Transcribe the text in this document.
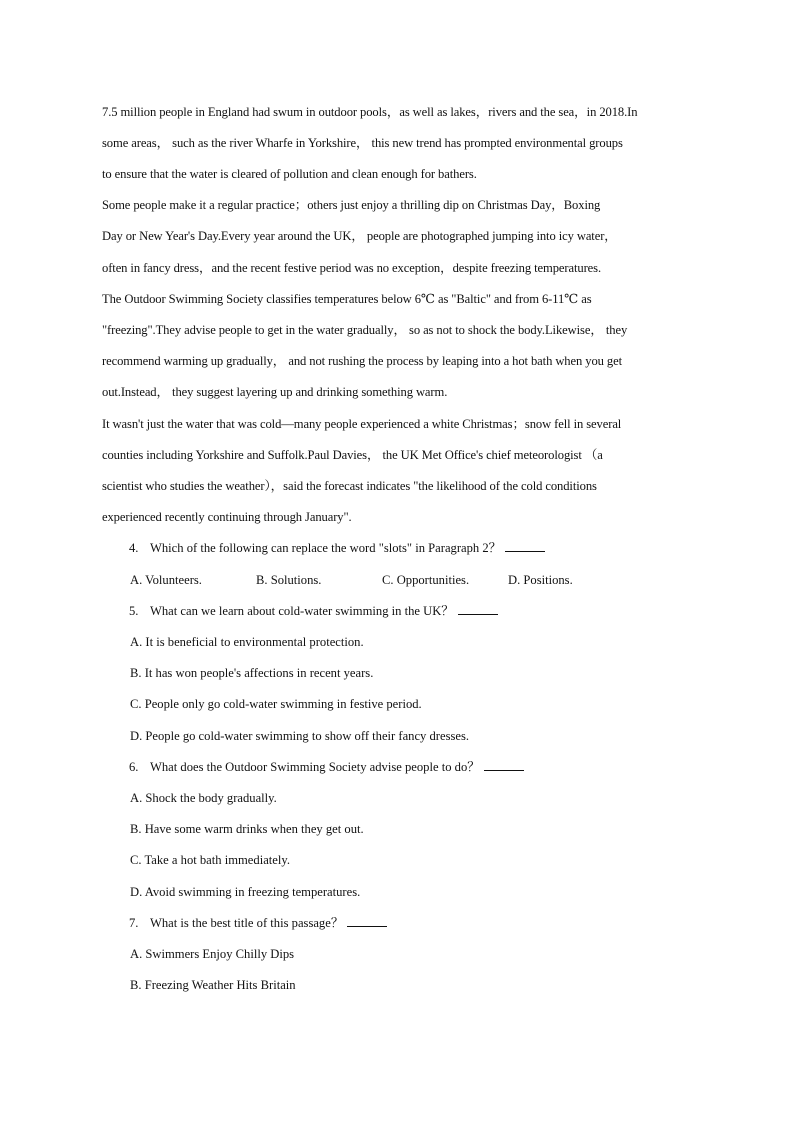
7.5 million people in England had swum in outdoor pools，as well as lakes，rivers and the sea，in 2018.In
some areas， such as the river Wharfe in Yorkshire， this new trend has prompted environmental groups
to ensure that the water is cleared of pollution and clean enough for bathers.
Some people make it a regular practice；others just enjoy a thrilling dip on Christmas Day，Boxing
Day or New Year's Day.Every year around the UK， people are photographed jumping into icy water，
often in fancy dress，and the recent festive period was no exception，despite freezing temperatures.
The Outdoor Swimming Society classifies temperatures below 6℃ as "Baltic" and from 6-11℃ as
"freezing".They advise people to get in the water gradually， so as not to shock the body.Likewise， they
recommend warming up gradually， and not rushing the process by leaping into a hot bath when you get
out.Instead， they suggest layering up and drinking something warm.
It wasn't just the water that was cold—many people experienced a white Christmas；snow fell in several
counties including Yorkshire and Suffolk.Paul Davies， the UK Met Office's chief meteorologist （a
scientist who studies the weather），said the forecast indicates "the likelihood of the cold conditions
experienced recently continuing through January".
4. Which of the following can replace the word "slots" in Paragraph 2？
A. Volunteers.	B. Solutions.	C. Opportunities.	D. Positions.
5. What can we learn about cold-water swimming in the UK？
A. It is beneficial to environmental protection.
B. It has won people's affections in recent years.
C. People only go cold-water swimming in festive period.
D. People go cold-water swimming to show off their fancy dresses.
6. What does the Outdoor Swimming Society advise people to do？
A. Shock the body gradually.
B. Have some warm drinks when they get out.
C. Take a hot bath immediately.
D. Avoid swimming in freezing temperatures.
7. What is the best title of this passage？
A. Swimmers Enjoy Chilly Dips
B. Freezing Weather Hits Britain
